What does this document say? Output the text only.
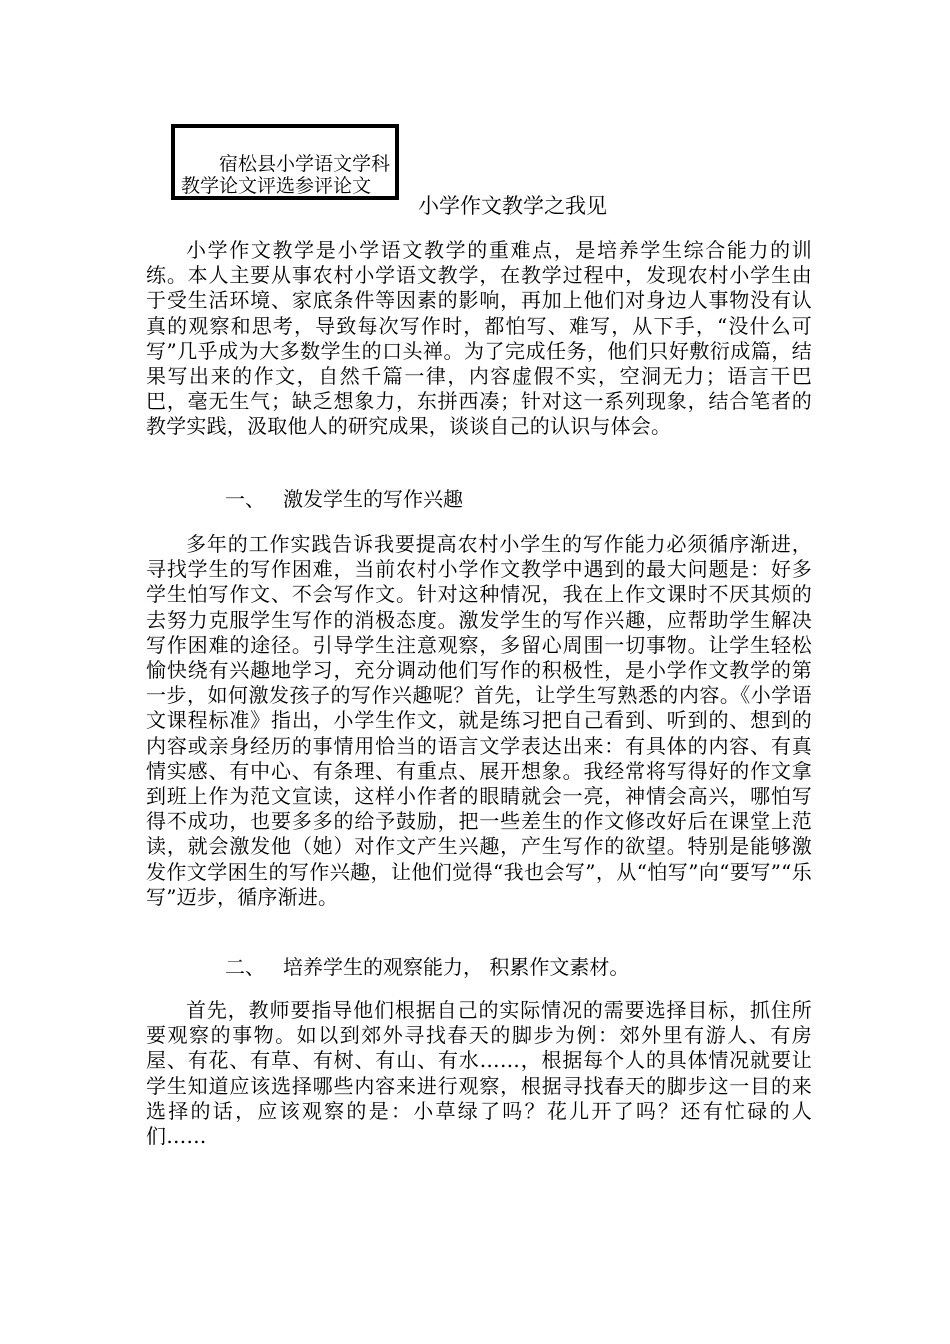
宿松县小学语文学科
教学论文评选参评论文
小学作文教学之我见

小学作文教学是小学语文教学的重难点，是培养学生综合能力的训练。本人主要从事农村小学语文教学，在教学过程中，发现农村小学生由于受生活环境、家底条件等因素的影响，再加上他们对身边人事物没有认真的观察和思考，导致每次写作时，都怕写、难写，从下手，“没什么可写”几乎成为大多数学生的口头禅。为了完成任务，他们只好敷衍成篇，结果写出来的作文，自然千篇一律，内容虚假不实，空洞无力；语言干巴巴，毫无生气；缺乏想象力，东拼西凑；针对这一系列现象，结合笔者的教学实践，汲取他人的研究成果，谈谈自己的认识与体会。

一、 激发学生的写作兴趣

多年的工作实践告诉我要提高农村小学生的写作能力必须循序渐进，寻找学生的写作困难，当前农村小学作文教学中遇到的最大问题是：好多学生怕写作文、不会写作文。针对这种情况，我在上作文课时不厌其烦的去努力克服学生写作的消极态度。激发学生的写作兴趣，应帮助学生解决写作困难的途径。引导学生注意观察，多留心周围一切事物。让学生轻松愉快绕有兴趣地学习，充分调动他们写作的积极性，是小学作文教学的第一步，如何激发孩子的写作兴趣呢？首先，让学生写熟悉的内容。《小学语文课程标准》指出，小学生作文，就是练习把自己看到、听到的、想到的内容或亲身经历的事情用恰当的语言文学表达出来：有具体的内容、有真情实感、有中心、有条理、有重点、展开想象。我经常将写得好的作文拿到班上作为范文宣读，这样小作者的眼睛就会一亮，神情会高兴，哪怕写得不成功，也要多多的给予鼓励，把一些差生的作文修改好后在课堂上范读，就会激发他（她）对作文产生兴趣，产生写作的欲望。特别是能够激发作文学困生的写作兴趣，让他们觉得“我也会写”，从“怕写”向“要写”“乐写”迈步，循序渐进。

二、 培养学生的观察能力， 积累作文素材。

首先，教师要指导他们根据自己的实际情况的需要选择目标，抓住所要观察的事物。如以到郊外寻找春天的脚步为例：郊外里有游人、有房屋、有花、有草、有树、有山、有水……，根据每个人的具体情况就要让学生知道应该选择哪些内容来进行观察，根据寻找春天的脚步这一目的来选择的话，应该观察的是：小草绿了吗？花儿开了吗？还有忙碌的人们……
